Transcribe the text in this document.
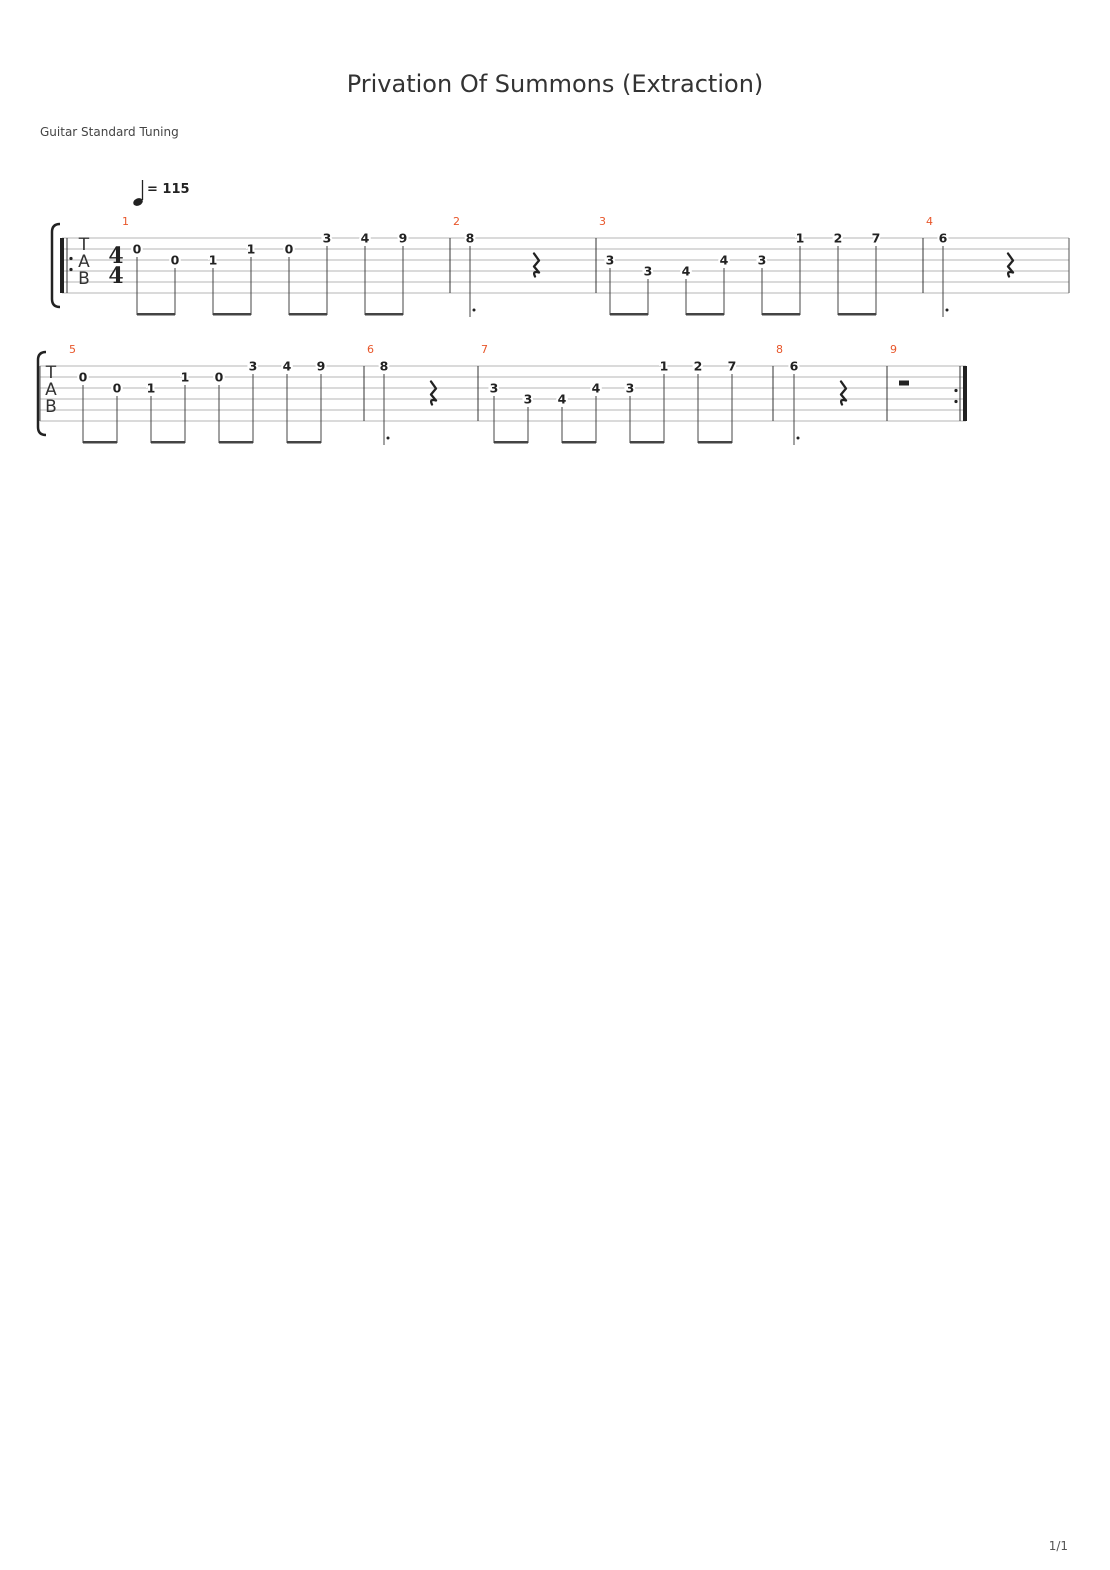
Privation Of Summons (Extraction)
Guitar Standard Tuning
1/1
= 115
T
A
B
4
4
1
0
0 1
1 0
3 4 9
2
8
3
3
3 4
4 3
1 2 7
4
6
T
A
B
5
0
0 1
1 0
3 4 9
6
8
7
3
3 4
4 3
1 2 7
8
6
9
